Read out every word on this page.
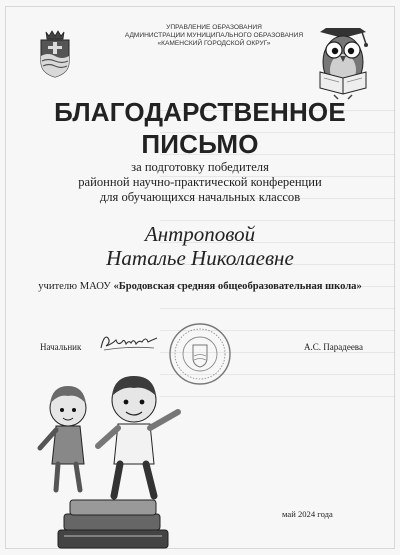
УПРАВЛЕНИЕ ОБРАЗОВАНИЯ
АДМИНИСТРАЦИИ МУНИЦИПАЛЬНОГО ОБРАЗОВАНИЯ
«КАМЕНСКИЙ ГОРОДСКОЙ ОКРУГ»
БЛАГОДАРСТВЕННОЕ
ПИСЬМО
за подготовку победителя
районной научно-практической конференции
для обучающихся начальных классов
Антроповой
Наталье Николаевне
учителю МАОУ «Бродовская средняя общеобразовательная школа»
Начальник	А.С. Парадеева
май 2024 года
